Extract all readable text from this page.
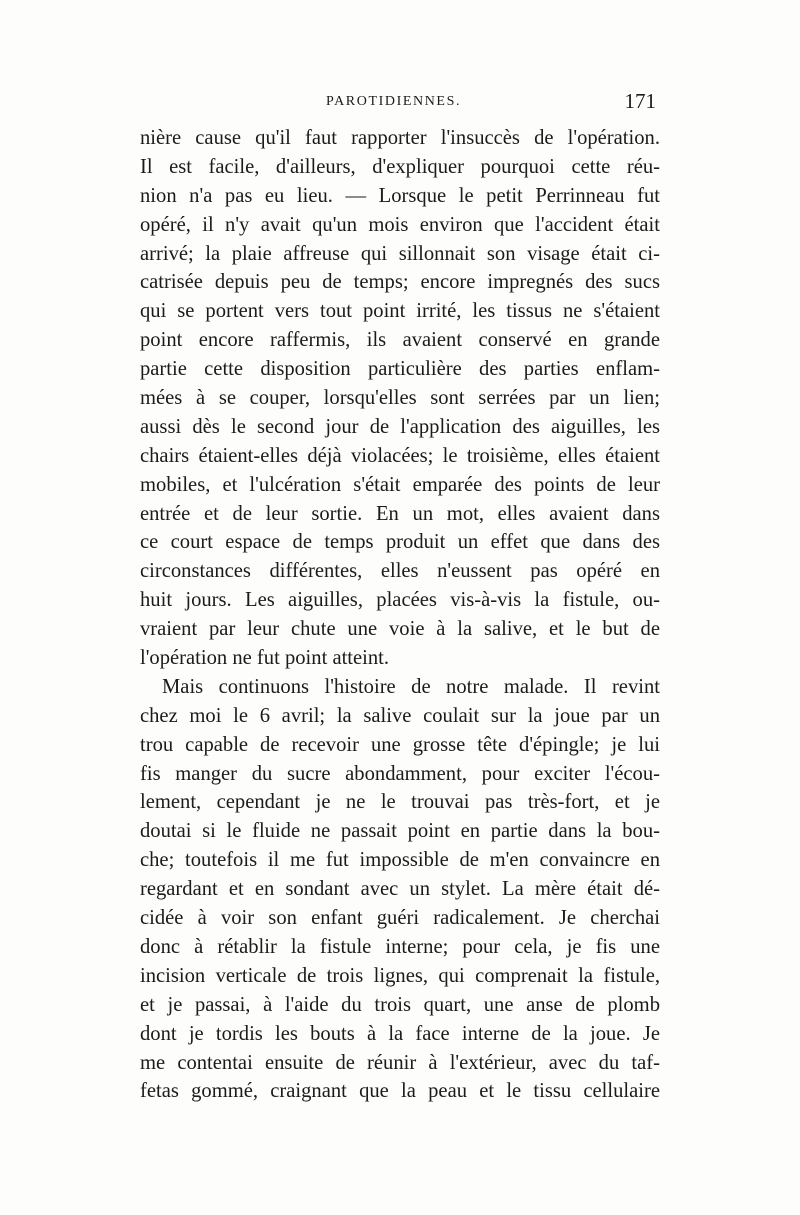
PAROTIDIENNES.	171
nière cause qu'il faut rapporter l'insuccès de l'opération.
Il est facile, d'ailleurs, d'expliquer pourquoi cette réu-
nion n'a pas eu lieu. — Lorsque le petit Perrinneau fut
opéré, il n'y avait qu'un mois environ que l'accident était
arrivé; la plaie affreuse qui sillonnait son visage était ci-
catrisée depuis peu de temps; encore impregnés des sucs
qui se portent vers tout point irrité, les tissus ne s'étaient
point encore raffermis, ils avaient conservé en grande
partie cette disposition particulière des parties enflam-
mées à se couper, lorsqu'elles sont serrées par un lien;
aussi dès le second jour de l'application des aiguilles, les
chairs étaient-elles déjà violacées; le troisième, elles étaient
mobiles, et l'ulcération s'était emparée des points de leur
entrée et de leur sortie. En un mot, elles avaient dans
ce court espace de temps produit un effet que dans des
circonstances différentes, elles n'eussent pas opéré en
huit jours. Les aiguilles, placées vis-à-vis la fistule, ou-
vraient par leur chute une voie à la salive, et le but de
l'opération ne fut point atteint.
Mais continuons l'histoire de notre malade. Il revint
chez moi le 6 avril; la salive coulait sur la joue par un
trou capable de recevoir une grosse tête d'épingle; je lui
fis manger du sucre abondamment, pour exciter l'écou-
lement, cependant je ne le trouvai pas très-fort, et je
doutai si le fluide ne passait point en partie dans la bou-
che; toutefois il me fut impossible de m'en convaincre en
regardant et en sondant avec un stylet. La mère était dé-
cidée à voir son enfant guéri radicalement. Je cherchai
donc à rétablir la fistule interne; pour cela, je fis une
incision verticale de trois lignes, qui comprenait la fistule,
et je passai, à l'aide du trois quart, une anse de plomb
dont je tordis les bouts à la face interne de la joue. Je
me contentai ensuite de réunir à l'extérieur, avec du taf-
fetas gommé, craignant que la peau et le tissu cellulaire
